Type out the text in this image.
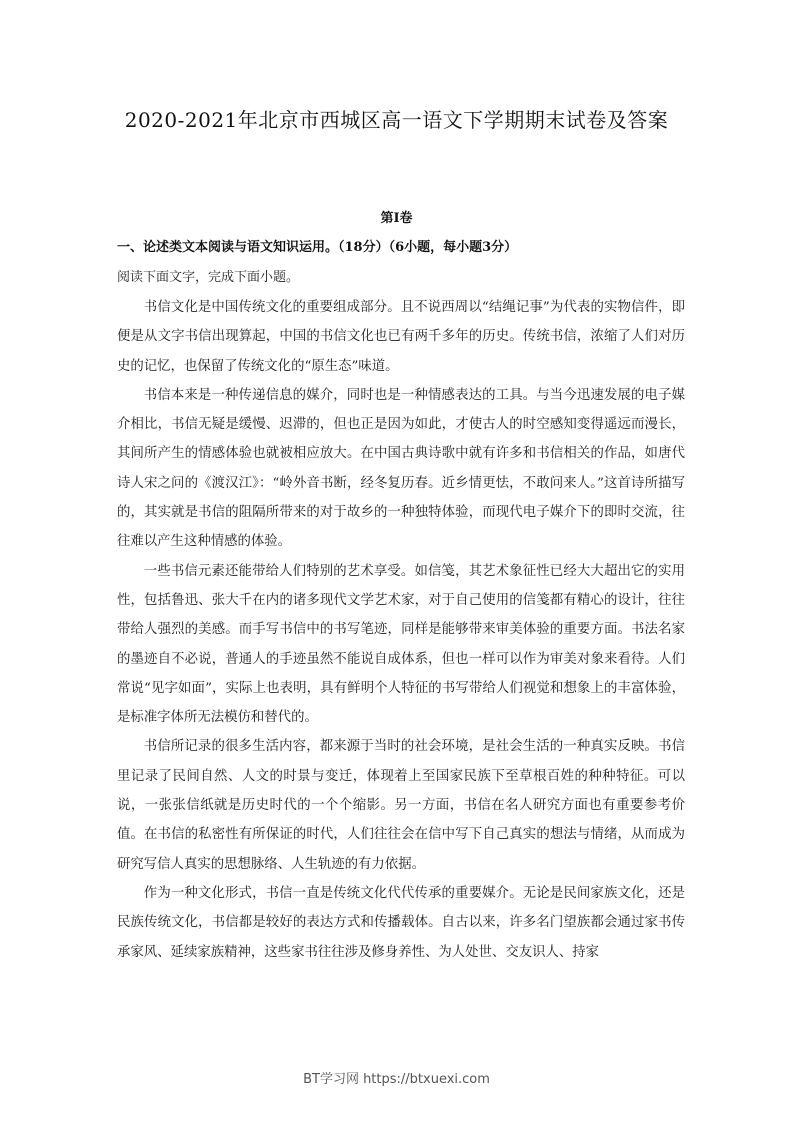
2020-2021年北京市西城区高一语文下学期期末试卷及答案
第Ⅰ卷
一、论述类文本阅读与语文知识运用。（18分）（6小题，每小题3分）
阅读下面文字，完成下面小题。

书信文化是中国传统文化的重要组成部分。且不说西周以“结绳记事”为代表的实物信件，即便是从文字书信出现算起，中国的书信文化也已有两千多年的历史。传统书信，浓缩了人们对历史的记忆，也保留了传统文化的“原生态”味道。

书信本来是一种传递信息的媒介，同时也是一种情感表达的工具。与当今迅速发展的电子媒介相比，书信无疑是缓慢、迟滞的，但也正是因为如此，才使古人的时空感知变得遥远而漫长，其间所产生的情感体验也就被相应放大。在中国古典诗歌中就有许多和书信相关的作品，如唐代诗人宋之问的《渡汉江》：“岭外音书断，经冬复历春。近乡情更怯，不敢问来人。”这首诗所描写的，其实就是书信的阻隔所带来的对于故乡的一种独特体验，而现代电子媒介下的即时交流，往往难以产生这种情感的体验。

一些书信元素还能带给人们特别的艺术享受。如信笺，其艺术象征性已经大大超出它的实用性，包括鲁迅、张大千在内的诸多现代文学艺术家，对于自己使用的信笺都有精心的设计，往往带给人强烈的美感。而手写书信中的书写笔迹，同样是能够带来审美体验的重要方面。书法名家的墨迹自不必说，普通人的手迹虽然不能说自成体系，但也一样可以作为审美对象来看待。人们常说“见字如面”，实际上也表明，具有鲜明个人特征的书写带给人们视觉和想象上的丰富体验，是标准字体所无法模仿和替代的。

书信所记录的很多生活内容，都来源于当时的社会环境，是社会生活的一种真实反映。书信里记录了民间自然、人文的时景与变迁，体现着上至国家民族下至草根百姓的种种特征。可以说，一张张信纸就是历史时代的一个个缩影。另一方面，书信在名人研究方面也有重要参考价值。在书信的私密性有所保证的时代，人们往往会在信中写下自己真实的想法与情绪，从而成为研究写信人真实的思想脉络、人生轨迹的有力依据。

作为一种文化形式，书信一直是传统文化代代传承的重要媒介。无论是民间家族文化，还是民族传统文化，书信都是较好的表达方式和传播载体。自古以来，许多名门望族都会通过家书传承家风、延续家族精神，这些家书往往涉及修身养性、为人处世、交友识人、持家

BT学习网 https://btxuexi.com
